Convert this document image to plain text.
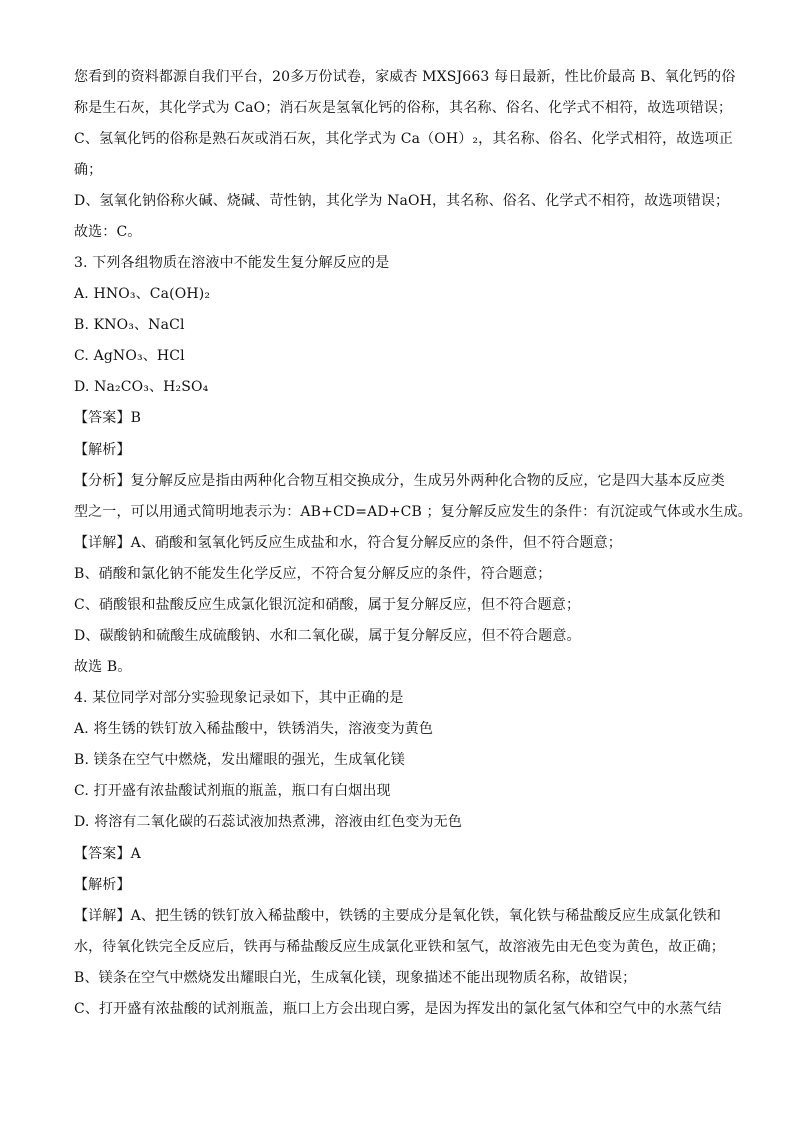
您看到的资料都源自我们平台，20多万份试卷，家威杏 MXSJ663 每日最新，性比价最高 B、氧化钙的俗
称是生石灰，其化学式为 CaO；消石灰是氢氧化钙的俗称，其名称、俗名、化学式不相符，故选项错误；
C、氢氧化钙的俗称是熟石灰或消石灰，其化学式为 Ca（OH）₂，其名称、俗名、化学式相符，故选项正
确；
D、氢氧化钠俗称火碱、烧碱、苛性钠，其化学为 NaOH，其名称、俗名、化学式不相符，故选项错误；
故选：C。
3. 下列各组物质在溶液中不能发生复分解反应的是
A. HNO₃、Ca(OH)₂
B. KNO₃、NaCl
C. AgNO₃、HCl
D. Na₂CO₃、H₂SO₄
【答案】B
【解析】
【分析】复分解反应是指由两种化合物互相交换成分，生成另外两种化合物的反应，它是四大基本反应类
型之一，可以用通式简明地表示为：AB+CD=AD+CB ；复分解反应发生的条件：有沉淀或气体或水生成。
【详解】A、硝酸和氢氧化钙反应生成盐和水，符合复分解反应的条件，但不符合题意；
B、硝酸和氯化钠不能发生化学反应，不符合复分解反应的条件，符合题意；
C、硝酸银和盐酸反应生成氯化银沉淀和硝酸，属于复分解反应，但不符合题意；
D、碳酸钠和硫酸生成硫酸钠、水和二氧化碳，属于复分解反应，但不符合题意。
故选 B。
4. 某位同学对部分实验现象记录如下，其中正确的是
A. 将生锈的铁钉放入稀盐酸中，铁锈消失，溶液变为黄色
B. 镁条在空气中燃烧，发出耀眼的强光，生成氧化镁
C. 打开盛有浓盐酸试剂瓶的瓶盖，瓶口有白烟出现
D. 将溶有二氧化碳的石蕊试液加热煮沸，溶液由红色变为无色
【答案】A
【解析】
【详解】A、把生锈的铁钉放入稀盐酸中，铁锈的主要成分是氧化铁，氧化铁与稀盐酸反应生成氯化铁和
水，待氧化铁完全反应后，铁再与稀盐酸反应生成氯化亚铁和氢气，故溶液先由无色变为黄色，故正确；
B、镁条在空气中燃烧发出耀眼白光，生成氧化镁，现象描述不能出现物质名称，故错误；
C、打开盛有浓盐酸的试剂瓶盖，瓶口上方会出现白雾，是因为挥发出的氯化氢气体和空气中的水蒸气结
